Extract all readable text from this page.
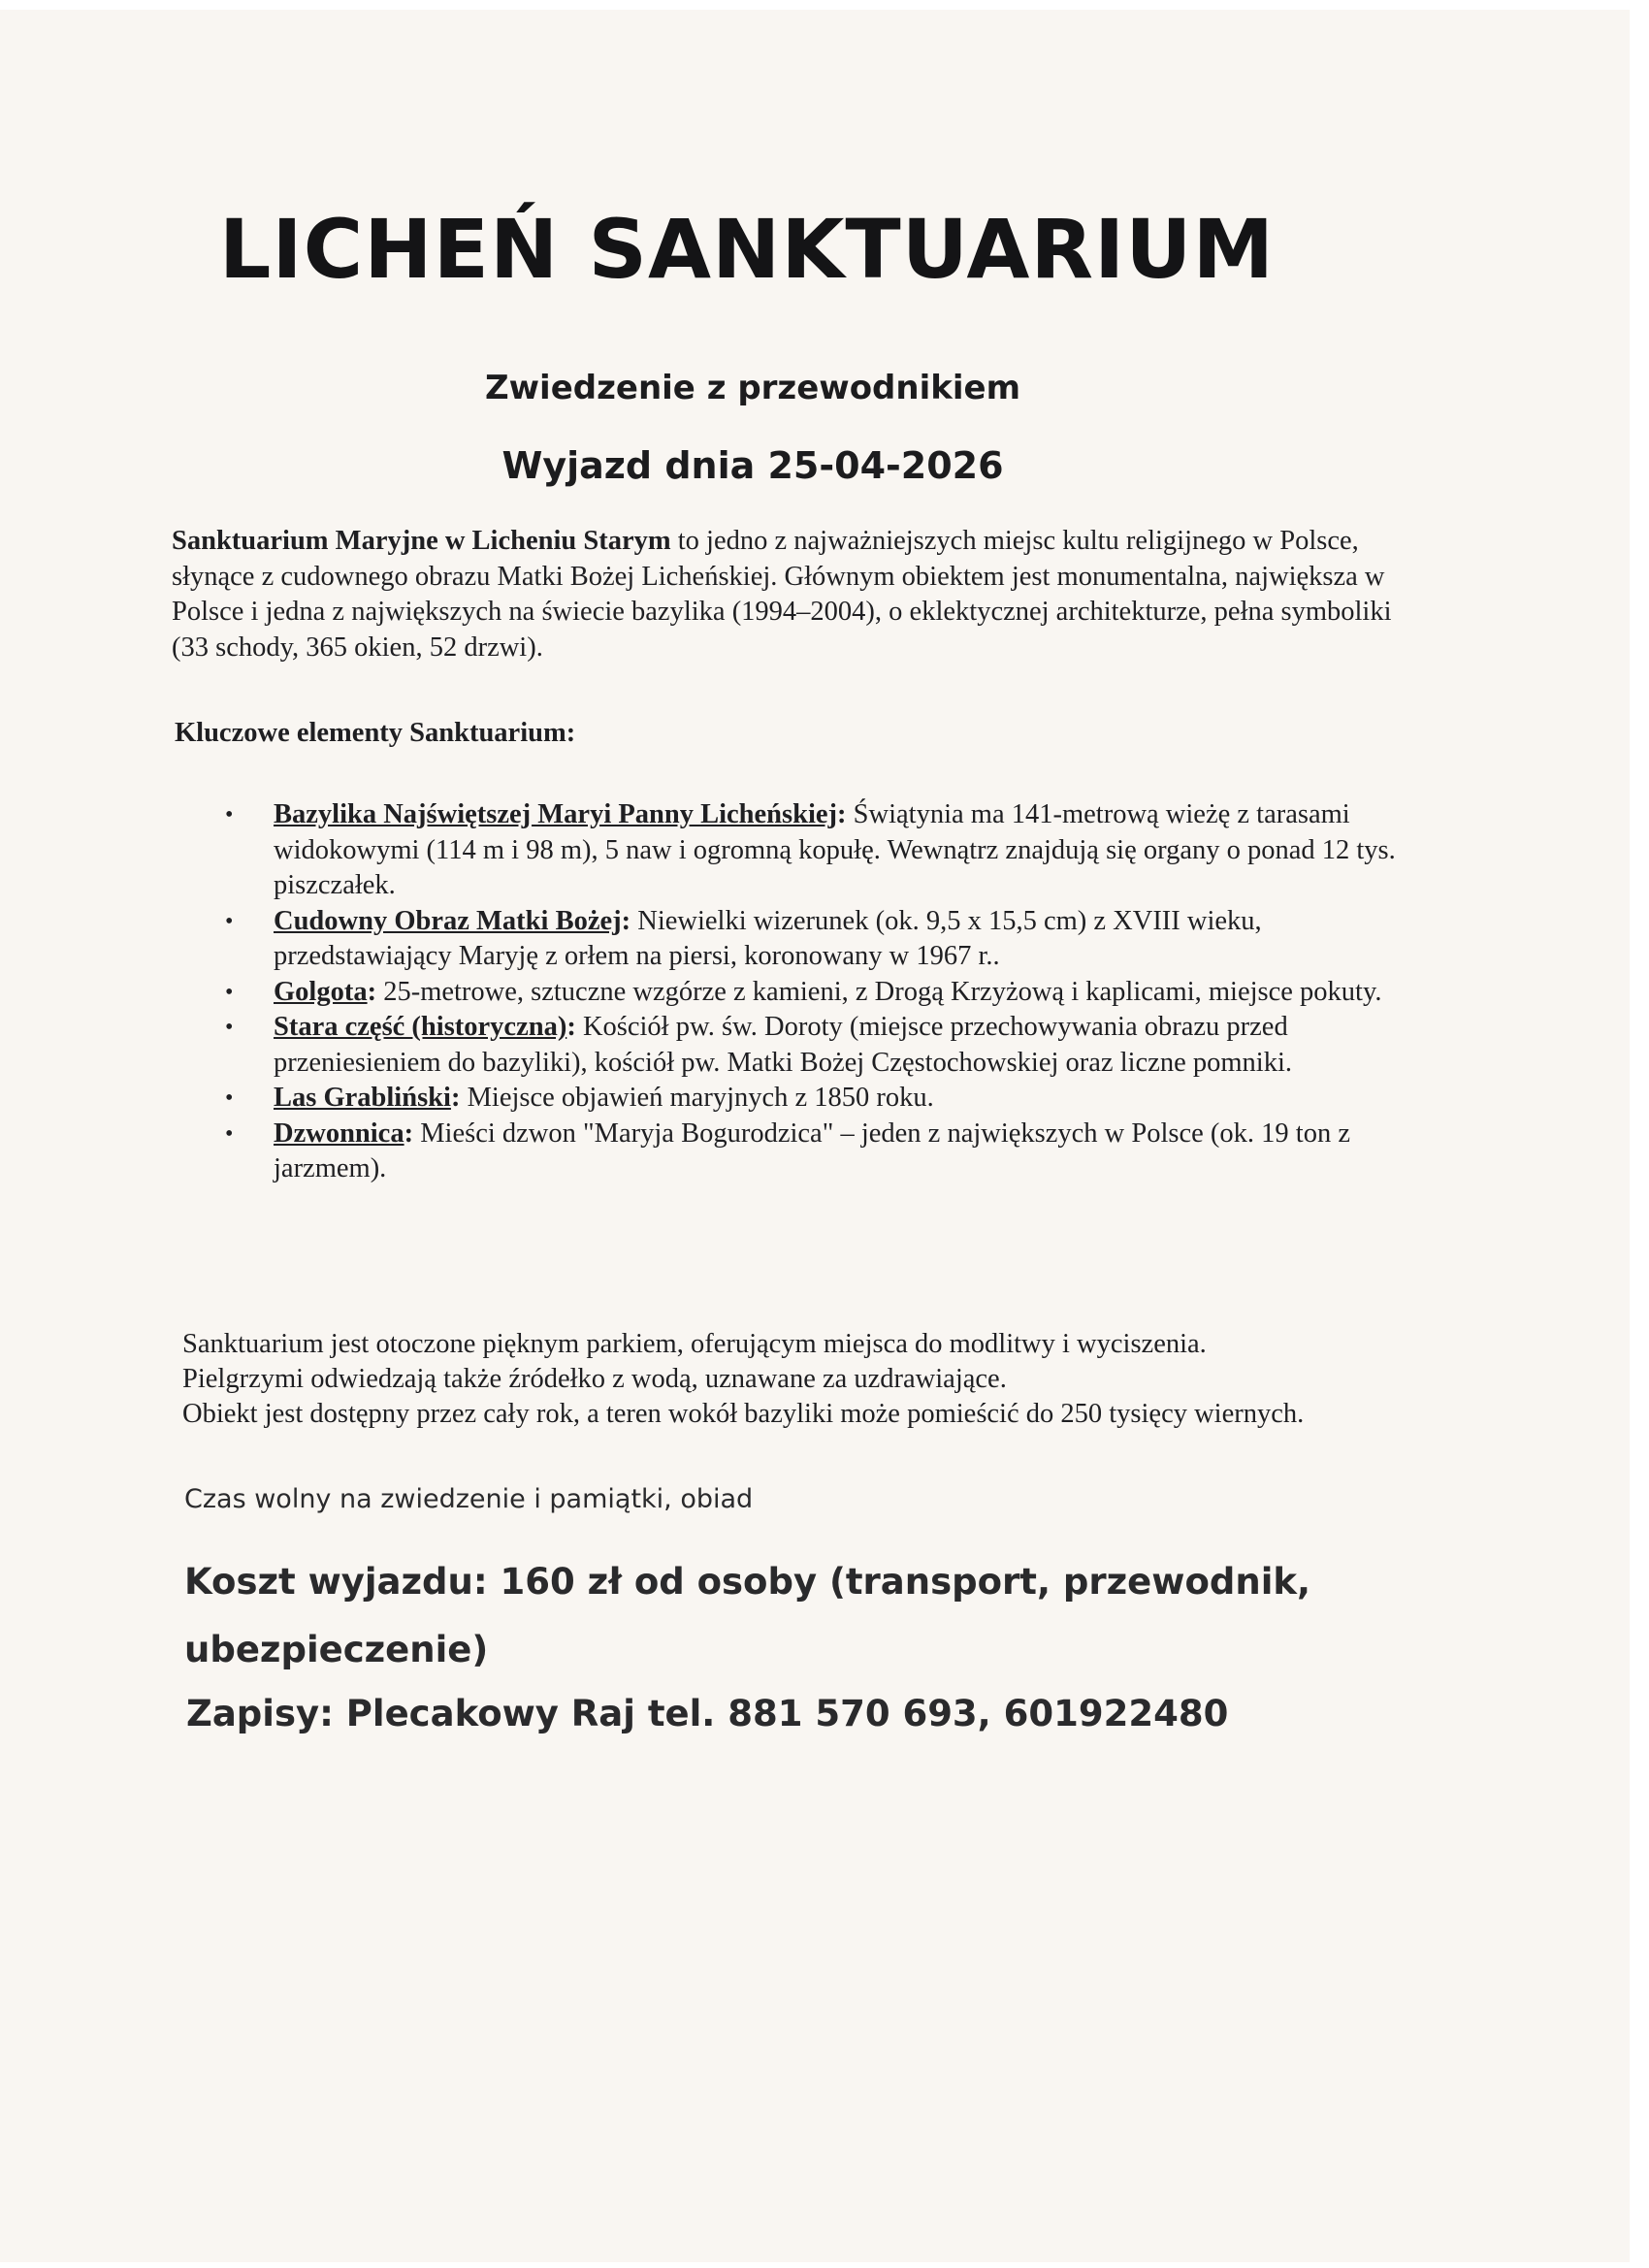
LICHEŃ SANKTUARIUM
Zwiedzenie z przewodnikiem
Wyjazd dnia 25-04-2026

Sanktuarium Maryjne w Licheniu Starym to jedno z najważniejszych miejsc kultu religijnego w Polsce, słynące z cudownego obrazu Matki Bożej Licheńskiej. Głównym obiektem jest monumentalna, największa w Polsce i jedna z największych na świecie bazylika (1994–2004), o eklektycznej architekturze, pełna symboliki (33 schody, 365 okien, 52 drzwi).

Kluczowe elementy Sanktuarium:

• Bazylika Najświętszej Maryi Panny Licheńskiej: Świątynia ma 141-metrową wieżę z tarasami widokowymi (114 m i 98 m), 5 naw i ogromną kopułę. Wewnątrz znajdują się organy o ponad 12 tys. piszczałek.
• Cudowny Obraz Matki Bożej: Niewielki wizerunek (ok. 9,5 x 15,5 cm) z XVIII wieku, przedstawiający Maryję z orłem na piersi, koronowany w 1967 r..
• Golgota: 25-metrowe, sztuczne wzgórze z kamieni, z Drogą Krzyżową i kaplicami, miejsce pokuty.
• Stara część (historyczna): Kościół pw. św. Doroty (miejsce przechowywania obrazu przed przeniesieniem do bazyliki), kościół pw. Matki Bożej Częstochowskiej oraz liczne pomniki.
• Las Grabliński: Miejsce objawień maryjnych z 1850 roku.
• Dzwonnica: Mieści dzwon "Maryja Bogurodzica" – jeden z największych w Polsce (ok. 19 ton z jarzmem).

Sanktuarium jest otoczone pięknym parkiem, oferującym miejsca do modlitwy i wyciszenia.
Pielgrzymi odwiedzają także źródełko z wodą, uznawane za uzdrawiające.
Obiekt jest dostępny przez cały rok, a teren wokół bazyliki może pomieścić do 250 tysięcy wiernych.

Czas wolny na zwiedzenie i pamiątki, obiad

Koszt wyjazdu: 160 zł od osoby (transport, przewodnik, ubezpieczenie)

Zapisy: Plecakowy Raj tel. 881 570 693, 601922480
